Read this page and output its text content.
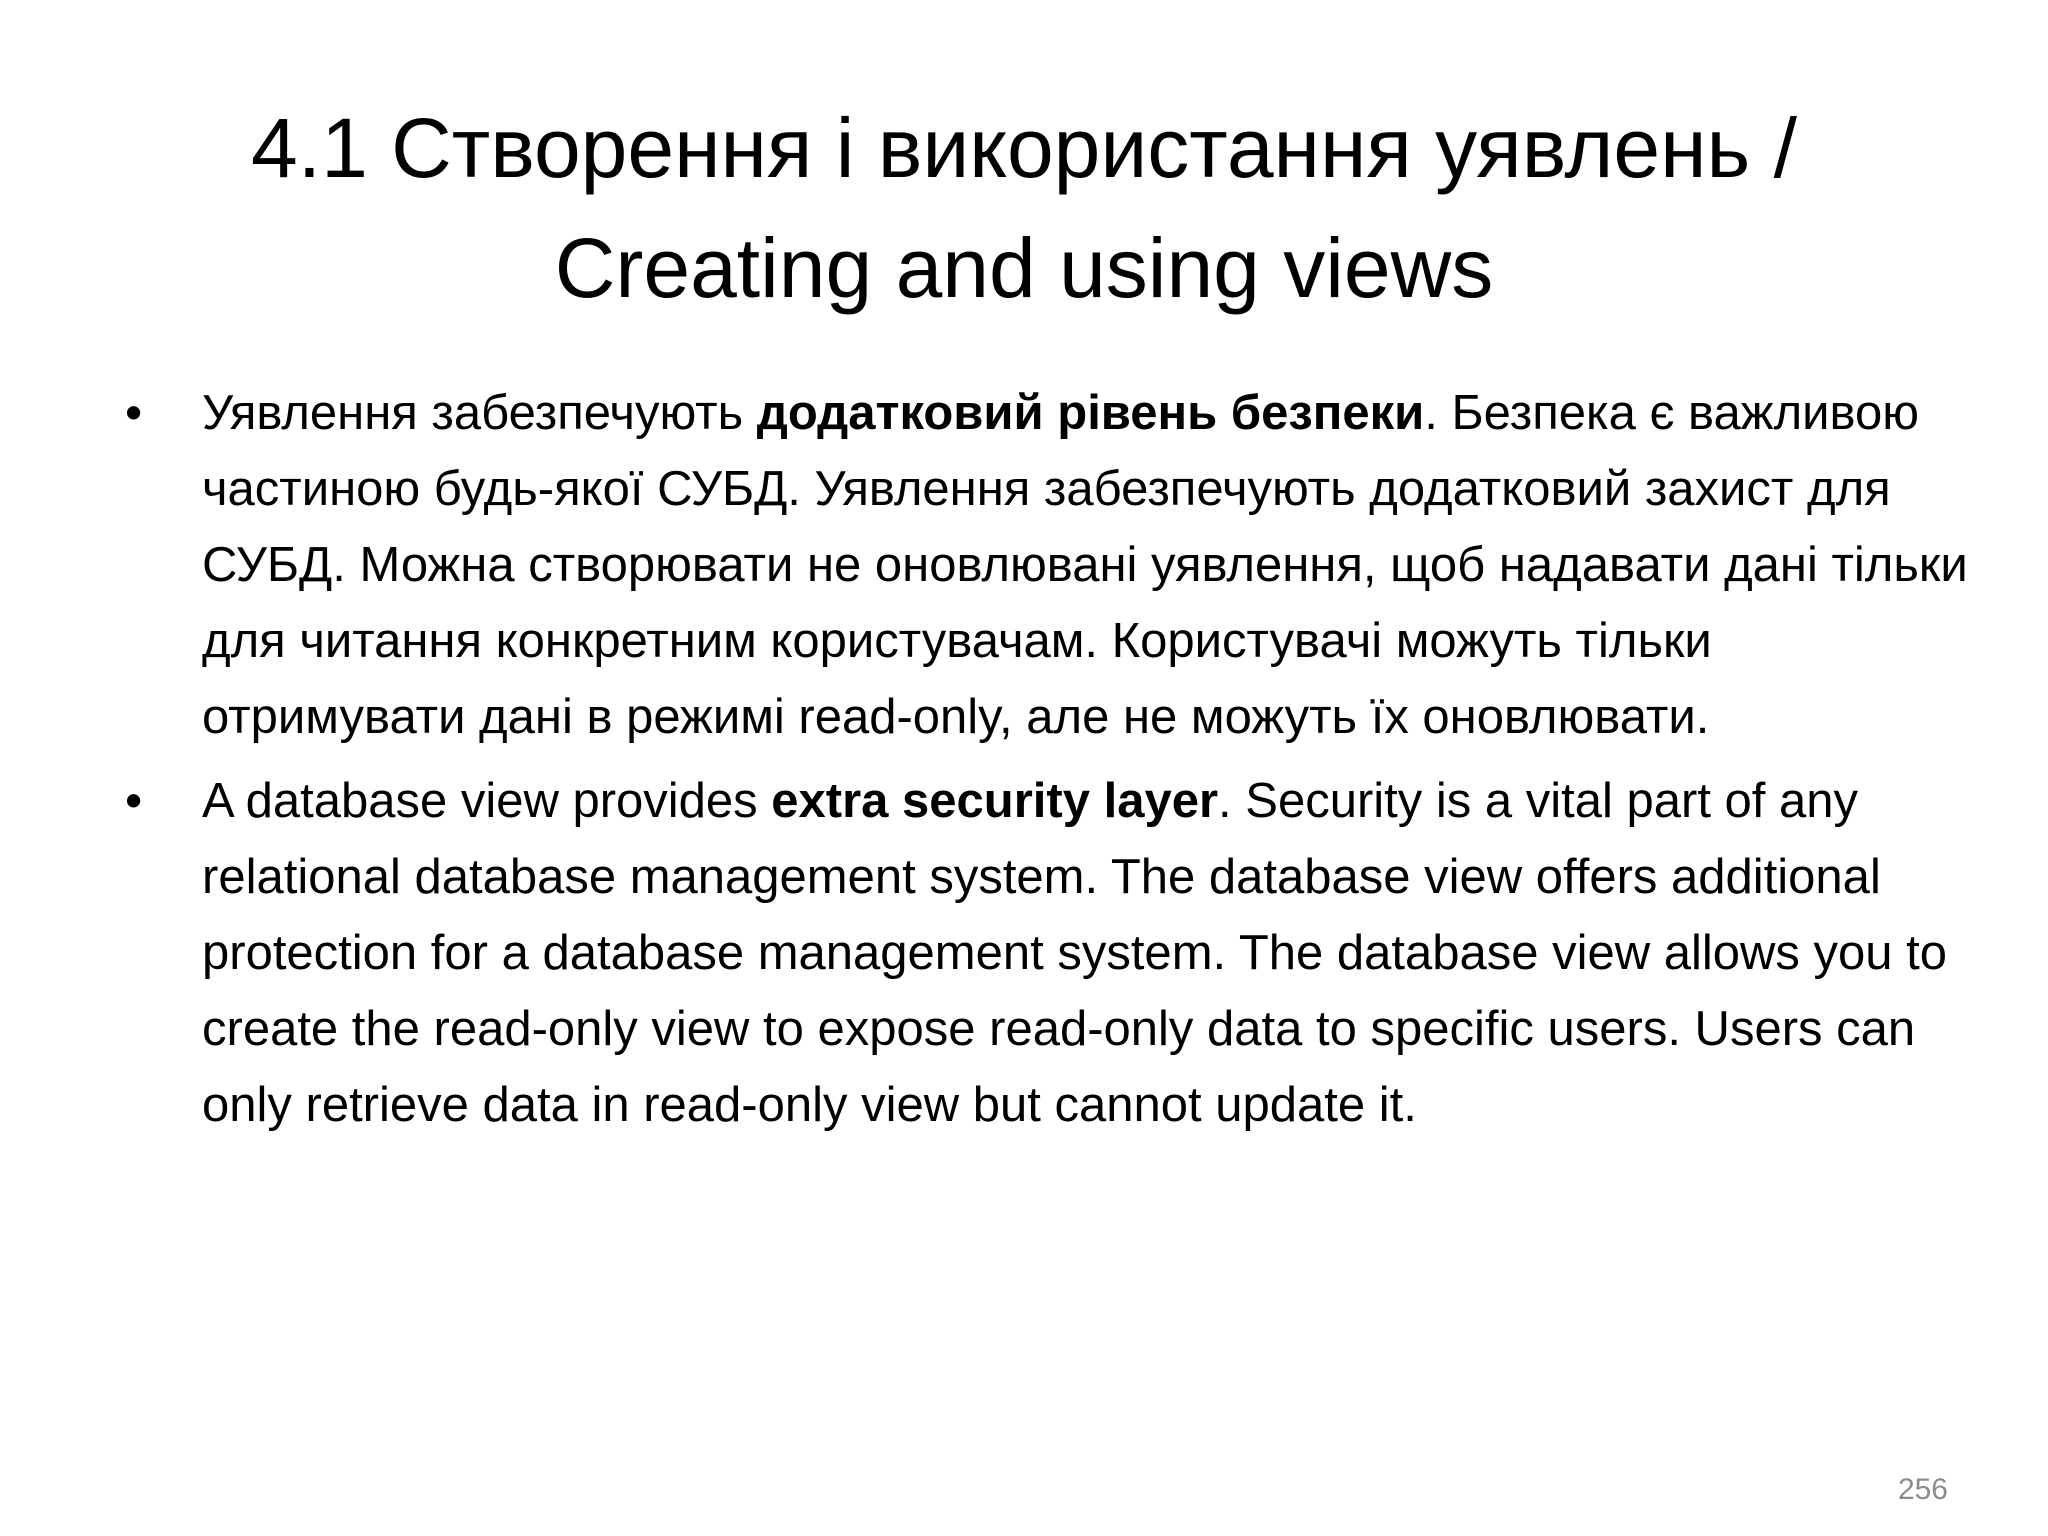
4.1 Створення і використання уявлень /
Creating and using views
• Уявлення забезпечують додатковий рівень безпеки. Безпека є важливою частиною будь-якої СУБД. Уявлення забезпечують додатковий захист для СУБД. Можна створювати не оновлювані уявлення, щоб надавати дані тільки для читання конкретним користувачам. Користувачі можуть тільки отримувати дані в режимі read-only, але не можуть їх оновлювати.
• A database view provides extra security layer. Security is a vital part of any relational database management system. The database view offers additional protection for a database management system. The database view allows you to create the read-only view to expose read-only data to specific users. Users can only retrieve data in read-only view but cannot update it.
256
